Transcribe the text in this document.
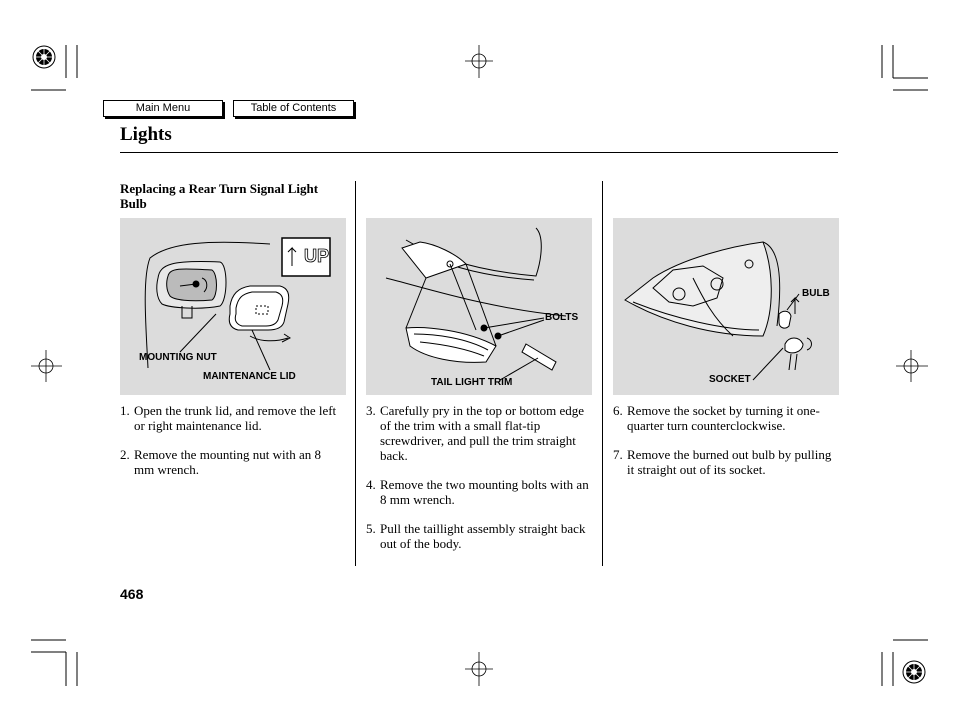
Main Menu	Table of Contents
Lights
Replacing a Rear Turn Signal Light Bulb
UP
MOUNTING NUT
MAINTENANCE LID
BOLTS
TAIL LIGHT TRIM
BULB
SOCKET
1. Open the trunk lid, and remove the left or right maintenance lid.
2. Remove the mounting nut with an 8 mm wrench.
3. Carefully pry in the top or bottom edge of the trim with a small flat-tip screwdriver, and pull the trim straight back.
4. Remove the two mounting bolts with an 8 mm wrench.
5. Pull the taillight assembly straight back out of the body.
6. Remove the socket by turning it one-quarter turn counterclockwise.
7. Remove the burned out bulb by pulling it straight out of its socket.
468
